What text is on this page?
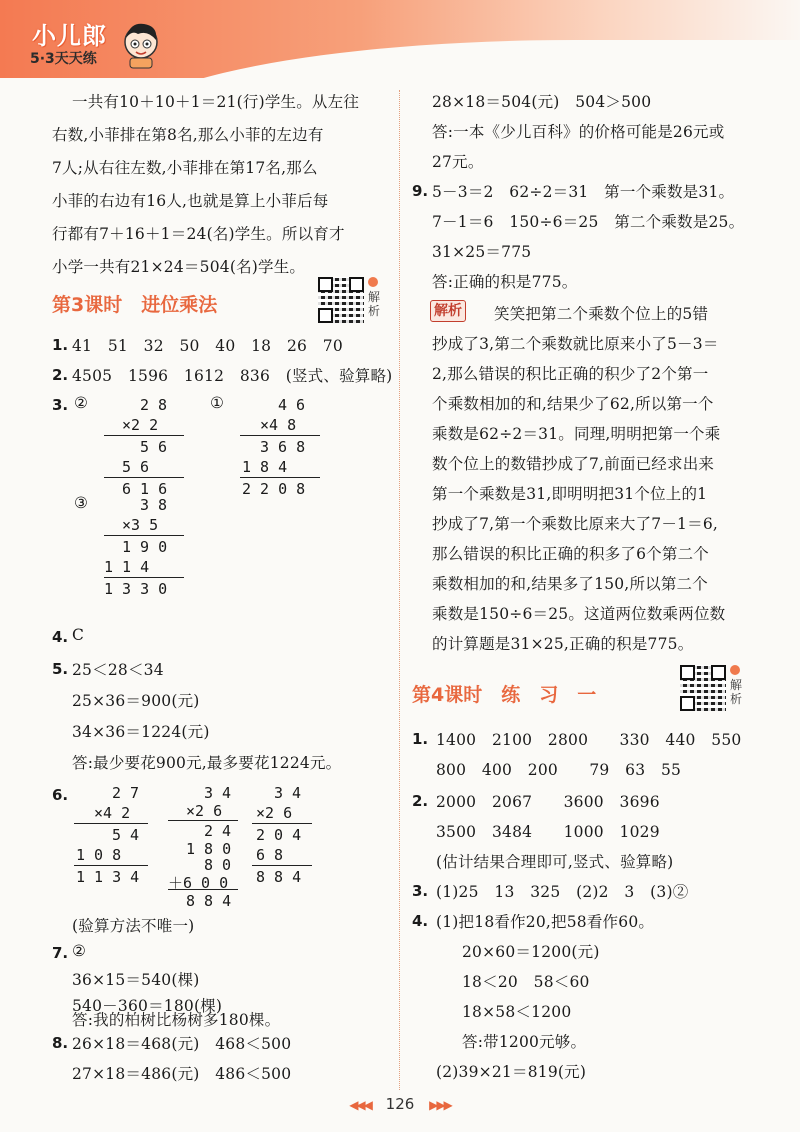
小儿郎
5·3天天练
一共有10＋10＋1＝21(行)学生。从左往
右数,小菲排在第8名,那么小菲的左边有
7人;从右往左数,小菲排在第17名,那么
小菲的右边有16人,也就是算上小菲后每
行都有7＋16＋1＝24(名)学生。所以育才
小学一共有21×24＝504(名)学生。
第3课时　进位乘法	解析
1. 41　51　32　50　40　18　26　70
2. 4505　1596　1612　836　(竖式、验算略)
3. ②	2 8
×2 2
5 6
5 6
6 1 6
①	4 6
×4 8
3 6 8
1 8 4
2 2 0 8
③	3 8
×3 5
1 9 0
1 1 4
1 3 3 0
4. C
5. 25＜28＜34
25×36＝900(元)
34×36＝1224(元)
答:最少要花900元,最多要花1224元。
6.	2 7
×4 2
5 4
1 0 8
1 1 3 4
3 4
×2 6
2 4
1 8 0
8 0
＋6 0 0
8 8 4
3 4
×2 6
2 0 4
6 8
8 8 4
(验算方法不唯一)
7. ②
36×15＝540(棵)
540－360＝180(棵)
答:我的柏树比杨树多180棵。
28×18＝504(元)　504＞500
答:一本《少儿百科》的价格可能是26元或
27元。
9. 5－3＝2　62÷2＝31　第一个乘数是31。
7－1＝6　150÷6＝25　第二个乘数是25。
31×25＝775
答:正确的积是775。
解析 笑笑把第二个乘数个位上的5错
抄成了3,第二个乘数就比原来小了5－3＝
2,那么错误的积比正确的积少了2个第一
个乘数相加的和,结果少了62,所以第一个
乘数是62÷2＝31。同理,明明把第一个乘
数个位上的数错抄成了7,前面已经求出来
第一个乘数是31,即明明把31个位上的1
抄成了7,第一个乘数比原来大了7－1＝6,
那么错误的积比正确的积多了6个第二个
乘数相加的和,结果多了150,所以第二个
乘数是150÷6＝25。这道两位数乘两位数
的计算题是31×25,正确的积是775。
第4课时　练　习　一	解析
1. 1400　2100　2800　　330　440　550
800　400　200　　79　63　55
2. 2000　2067　　3600　3696
3500　3484　　1000　1029
(估计结果合理即可,竖式、验算略)
3. (1)25　13　325　(2)2　3　(3)②
4. (1)把18看作20,把58看作60。
20×60＝1200(元)
18＜20　58＜60
18×58＜1200
答:带1200元够。
(2)39×21＝819(元)
8. 26×18＝468(元)　468＜500
27×18＝486(元)　486＜500
◀◀◀ 126 ▶▶▶
